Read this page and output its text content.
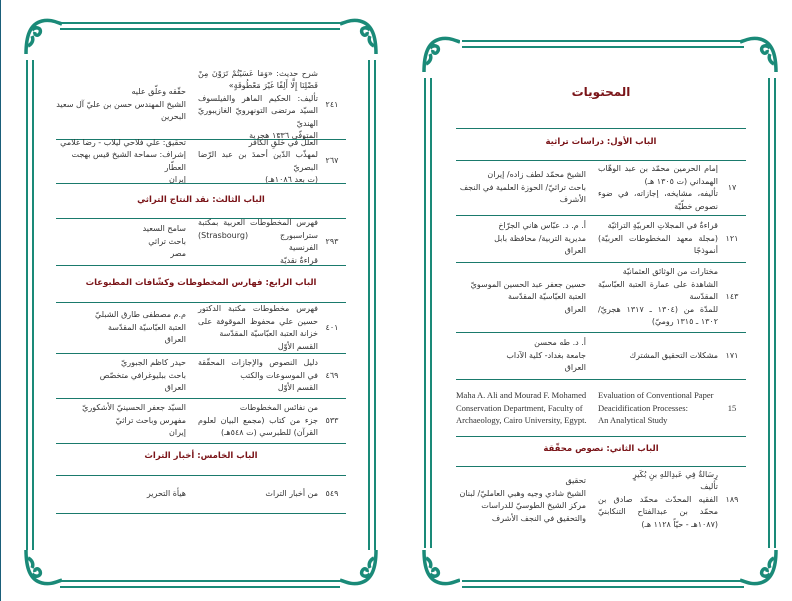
٢٤١
شرح حديث: «وَمَا عَسَيْتُمْ تَرَوْنَ مِنْ فَضْلِنَا إِلَّا أَلِفًا غَيْرَ مَعْطُوفَةٍ»
تأليف: الحكيم الماهر والفيلسوف السيّد مرتضى التونهرويّ الغازيبوريّ الهنديّ
المتوفّى ١٣٣٦ هجرية
حقّقه وعلّق عليه
الشيخ المهندس حسن بن عليّ آل سعيد
البحرين
٢٦٧
العلَلُ في خَلْقِ الكافر
لمهذّب الدّين أحمدَ بن عبد الرّضا البصريّ
(ت بعد ١٠٨٦هـ)
تحقيق: علي فلاحي ليلاب - رضا غلامي
إشراف: سماحة الشيخ قيس بهجت العطّار
إيران
الباب الثالث: نقد النتاج التراثي
٢٩٣
فهرس المخطوطات العربية بمكتبة ستراسبورج (Strasbourg) الفرنسية
قراءةٌ نقديّة
سامح السعيد
باحث تراثي
مصر
الباب الرابع: فهارس المخطوطات وكشّافات المطبوعات
٤٠١
فهرس مخطوطات مكتبة الدكتور حسين علي محفوظ الموقوفة على خزانة العتبة العبّاسيّة المقدّسة
القسم الأوّل
م.م مصطفى طارق الشبليّ
العتبة العبّاسيّة المقدّسة
العراق
٤٦٩
دليل النصوص والإجازات المحقّقة في الموسوعات والكتب
القسم الأوّل
حيدر كاظم الجبوريّ
باحث ببليوغرافي متخصّص
العراق
٥٣٣
من نفائس المخطوطات
جزء من كتاب (مجمع البيان لعلوم القرآن) للطبرسي (ت ٥٤٨هـ)
السيّد جعفر الحسينيّ الأشكوريّ
مفهرس وباحث تراثيّ
إيران
الباب الخامس: أخبار التراث
٥٤٩
من أخبار التراث
هيأة التحرير
المحتويات
الباب الأول: دراسات تراثية
١٧
إمام الحرمين محمّد بن عبد الوهّاب الهمداني (ت ١٣٠٥ هـ)
تأليفه، مشايخه، إجازاته، في ضوء نصوص خطّيّة
الشيخ محمّد لطف زاده/ إيران
باحث تراثيّ/ الحوزة العلمية في النجف الأشرف
١٢١
قراءةٌ في المجلاتِ العربيّةِ التراثيّة
(مجلة معهد المخطوطات العربيّة) أنموذجًا
أ. م. د. عبّاس هاني الجرّاخ
مديرية التربية/ محافظة بابل
العراق
١٤٣
مختارات من الوثائق العثمانيّة
الشاهدة على عمارة العتبة العبّاسيّة المقدّسة
للمدّة من (١٣٠٤ ـ ١٣١٧ هجريّ/ ١٣٠٢ ـ ١٣١٥ روميّ)
حسين جعفر عبد الحسين الموسويّ
العتبة العبّاسيّة المقدّسة
العراق
١٧١
مشكلات التحقيق المشترك
أ. د. طه محسن
جامعة بغداد- كلية الآداب
العراق
15
Evaluation of Conventional Paper Deacidification Processes:
An Analytical Study
Maha A. Ali and Mourad F. Mohamed
Conservation Department, Faculty of Archaeology, Cairo University, Egypt.
الباب الثاني: نصوص محقّقة
١٨٩
رِسَالةٌ فِي عَبدِاللهِ بنِ بُكَيرٍ
تأليف
الفقيه المحدّث محمّد صادق بن محمّد بن عبدالفتاح التنكابنيّ (١٠٨٧هـ - حيّاً ١١٢٨ هـ)
تحقيق
الشيخ شادي وجيه وهبي العامليّ/ لبنان
مركز الشيخ الطوسيّ للدراسات والتحقيق في النجف الأشرف
